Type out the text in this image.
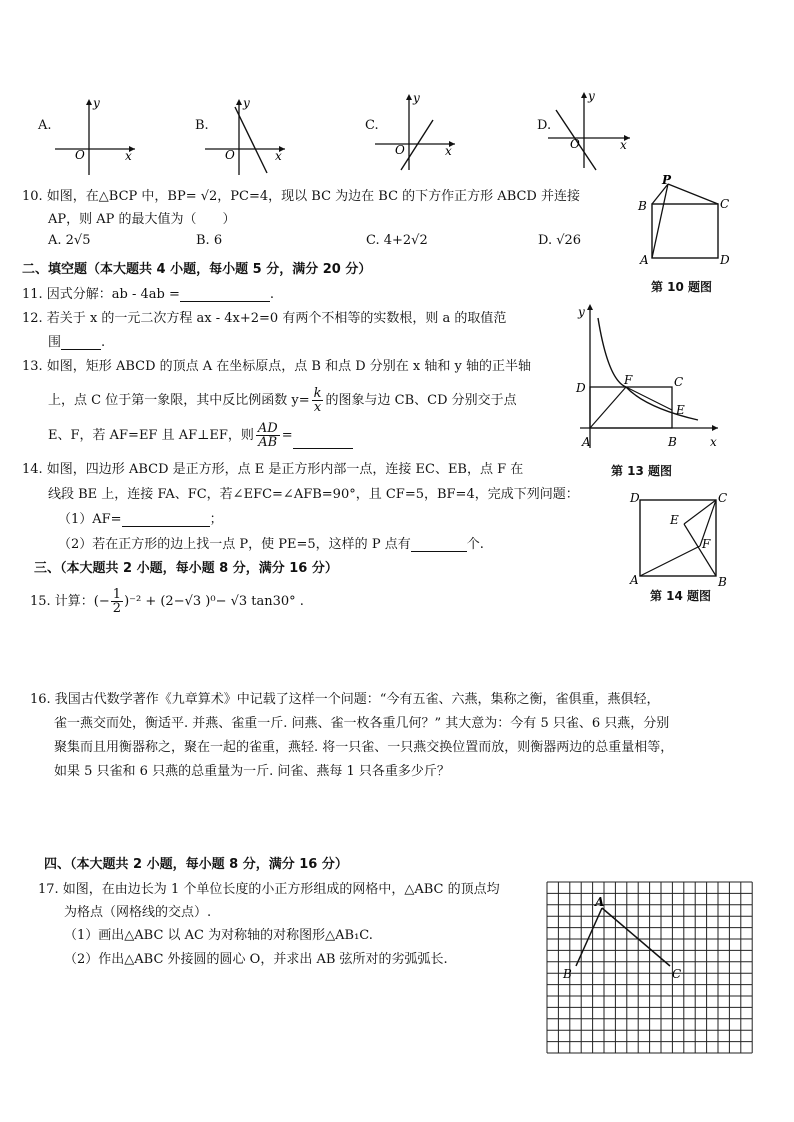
A.
y
x
O
B.
y
x
O
C.
y
x
O
D.
y
x
O
10. 如图，在△BCP 中，BP= √2，PC=4，现以 BC 为边在 BC 的下方作正方形 ABCD 并连接
AP，则 AP 的最大值为（　　）
A. 2√5	B. 6	C. 4+2√2	D. √26
P
B	C
A	D
第 10 题图
二、填空题（本大题共 4 小题，每小题 5 分，满分 20 分）
11. 因式分解：ab - 4ab =	.
12. 若关于 x 的一元二次方程 ax - 4x+2=0 有两个不相等的实数根，则 a 的取值范
围	.
13. 如图，矩形 ABCD 的顶点 A 在坐标原点，点 B 和点 D 分别在 x 轴和 y 轴的正半轴
上，点 C 位于第一象限，其中反比例函数 $y= \frac{k}{x}$ 的图象与边 CB、CD 分别交于点
E、F，若 AF=EF 且 AF⊥EF，则 $\frac{AD}{AB}$ =
y
x
D
F	C
E
A	B
第 13 题图
14. 如图，四边形 ABCD 是正方形，点 E 是正方形内部一点，连接 EC、EB，点 F 在
线段 BE 上，连接 FA、FC，若∠EFC=∠AFB=90°，且 CF=5，BF=4，完成下列问题：
（1）AF=	；
（2）若在正方形的边上找一点 P，使 PE=5，这样的 P 点有	个.
D	C
E
F
A	B
第 14 题图
三、（本大题共 2 小题，每小题 8 分，满分 16 分）
15. 计算：(− $\frac{1}{2} )^{-2} + (2-√3$ )⁰− √3 tan30° .
16. 我国古代数学著作《九章算术》中记载了这样一个问题：“今有五雀、六燕，集称之衡，雀俱重，燕俱轻，
雀一燕交而处，衡适平. 并燕、雀重一斤. 问燕、雀一枚各重几何？” 其大意为：今有 5 只雀、6 只燕，分别
聚集而且用衡器称之，聚在一起的雀重，燕轻. 将一只雀、一只燕交换位置而放，则衡器两边的总重量相等，
如果 5 只雀和 6 只燕的总重量为一斤. 问雀、燕每 1 只各重多少斤？
四、（本大题共 2 小题，每小题 8 分，满分 16 分）
17. 如图，在由边长为 1 个单位长度的小正方形组成的网格中，△ABC 的顶点均
为格点（网格线的交点）.
（1）画出△ABC 以 AC 为对称轴的对称图形△AB₁C.
（2）作出△ABC 外接圆的圆心 O，并求出 AB 弦所对的劣弧弧长.
A
B	C
